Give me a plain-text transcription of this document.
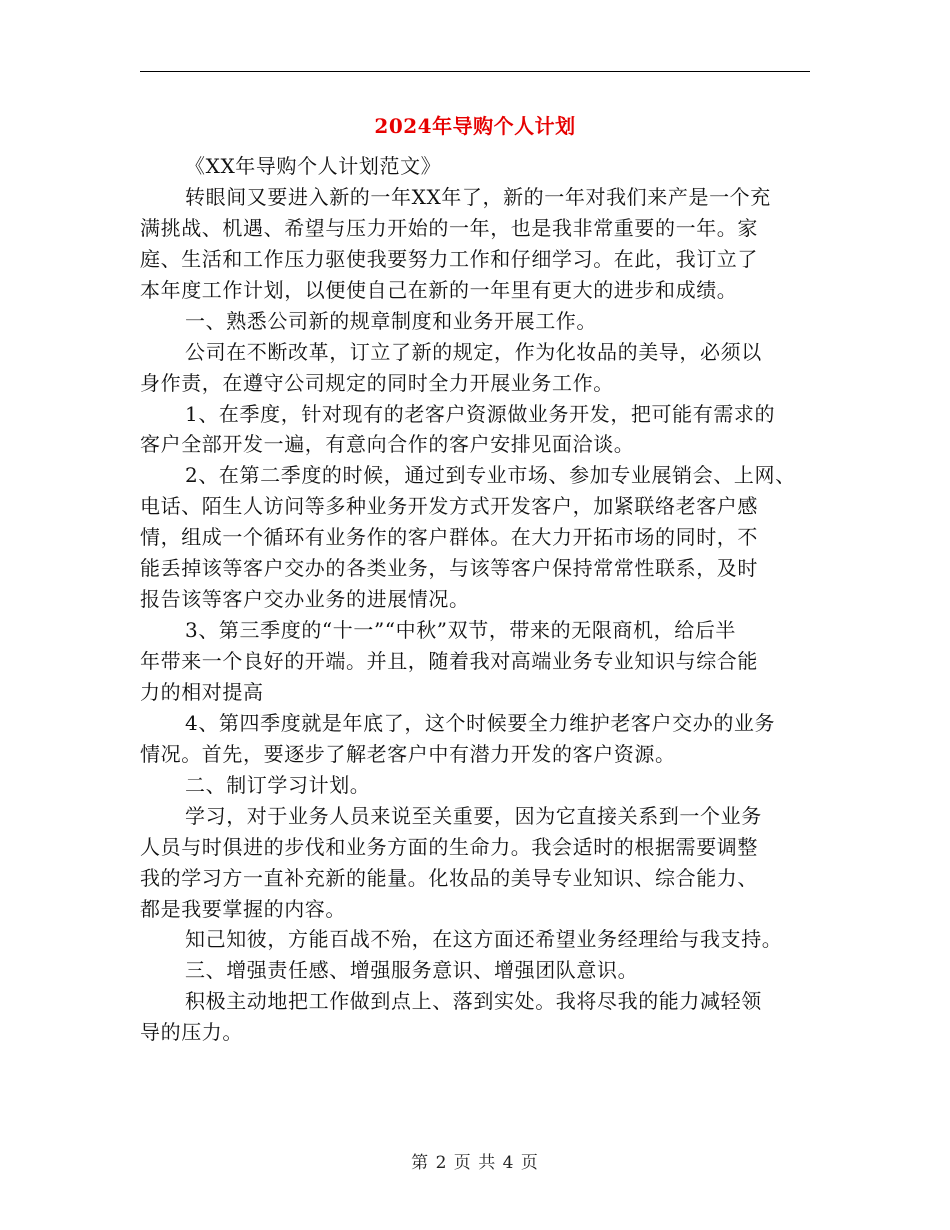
2024年导购个人计划
《XX年导购个人计划范文》
转眼间又要进入新的一年XX年了，新的一年对我们来产是一个充
满挑战、机遇、希望与压力开始的一年，也是我非常重要的一年。家
庭、生活和工作压力驱使我要努力工作和仔细学习。在此，我订立了
本年度工作计划，以便使自己在新的一年里有更大的进步和成绩。
一、熟悉公司新的规章制度和业务开展工作。
公司在不断改革，订立了新的规定，作为化妆品的美导，必须以
身作责，在遵守公司规定的同时全力开展业务工作。
1、在季度，针对现有的老客户资源做业务开发，把可能有需求的
客户全部开发一遍，有意向合作的客户安排见面洽谈。
2、在第二季度的时候，通过到专业市场、参加专业展销会、上网、
电话、陌生人访问等多种业务开发方式开发客户，加紧联络老客户感
情，组成一个循环有业务作的客户群体。在大力开拓市场的同时，不
能丢掉该等客户交办的各类业务，与该等客户保持常常性联系，及时
报告该等客户交办业务的进展情况。
3、第三季度的“十一”“中秋”双节，带来的无限商机，给后半
年带来一个良好的开端。并且，随着我对高端业务专业知识与综合能
力的相对提高
4、第四季度就是年底了，这个时候要全力维护老客户交办的业务
情况。首先，要逐步了解老客户中有潜力开发的客户资源。
二、制订学习计划。
学习，对于业务人员来说至关重要，因为它直接关系到一个业务
人员与时俱进的步伐和业务方面的生命力。我会适时的根据需要调整
我的学习方一直补充新的能量。化妆品的美导专业知识、综合能力、
都是我要掌握的内容。
知己知彼，方能百战不殆，在这方面还希望业务经理给与我支持。
三、增强责任感、增强服务意识、增强团队意识。
积极主动地把工作做到点上、落到实处。我将尽我的能力减轻领
导的压力。
第 2 页 共 4 页
